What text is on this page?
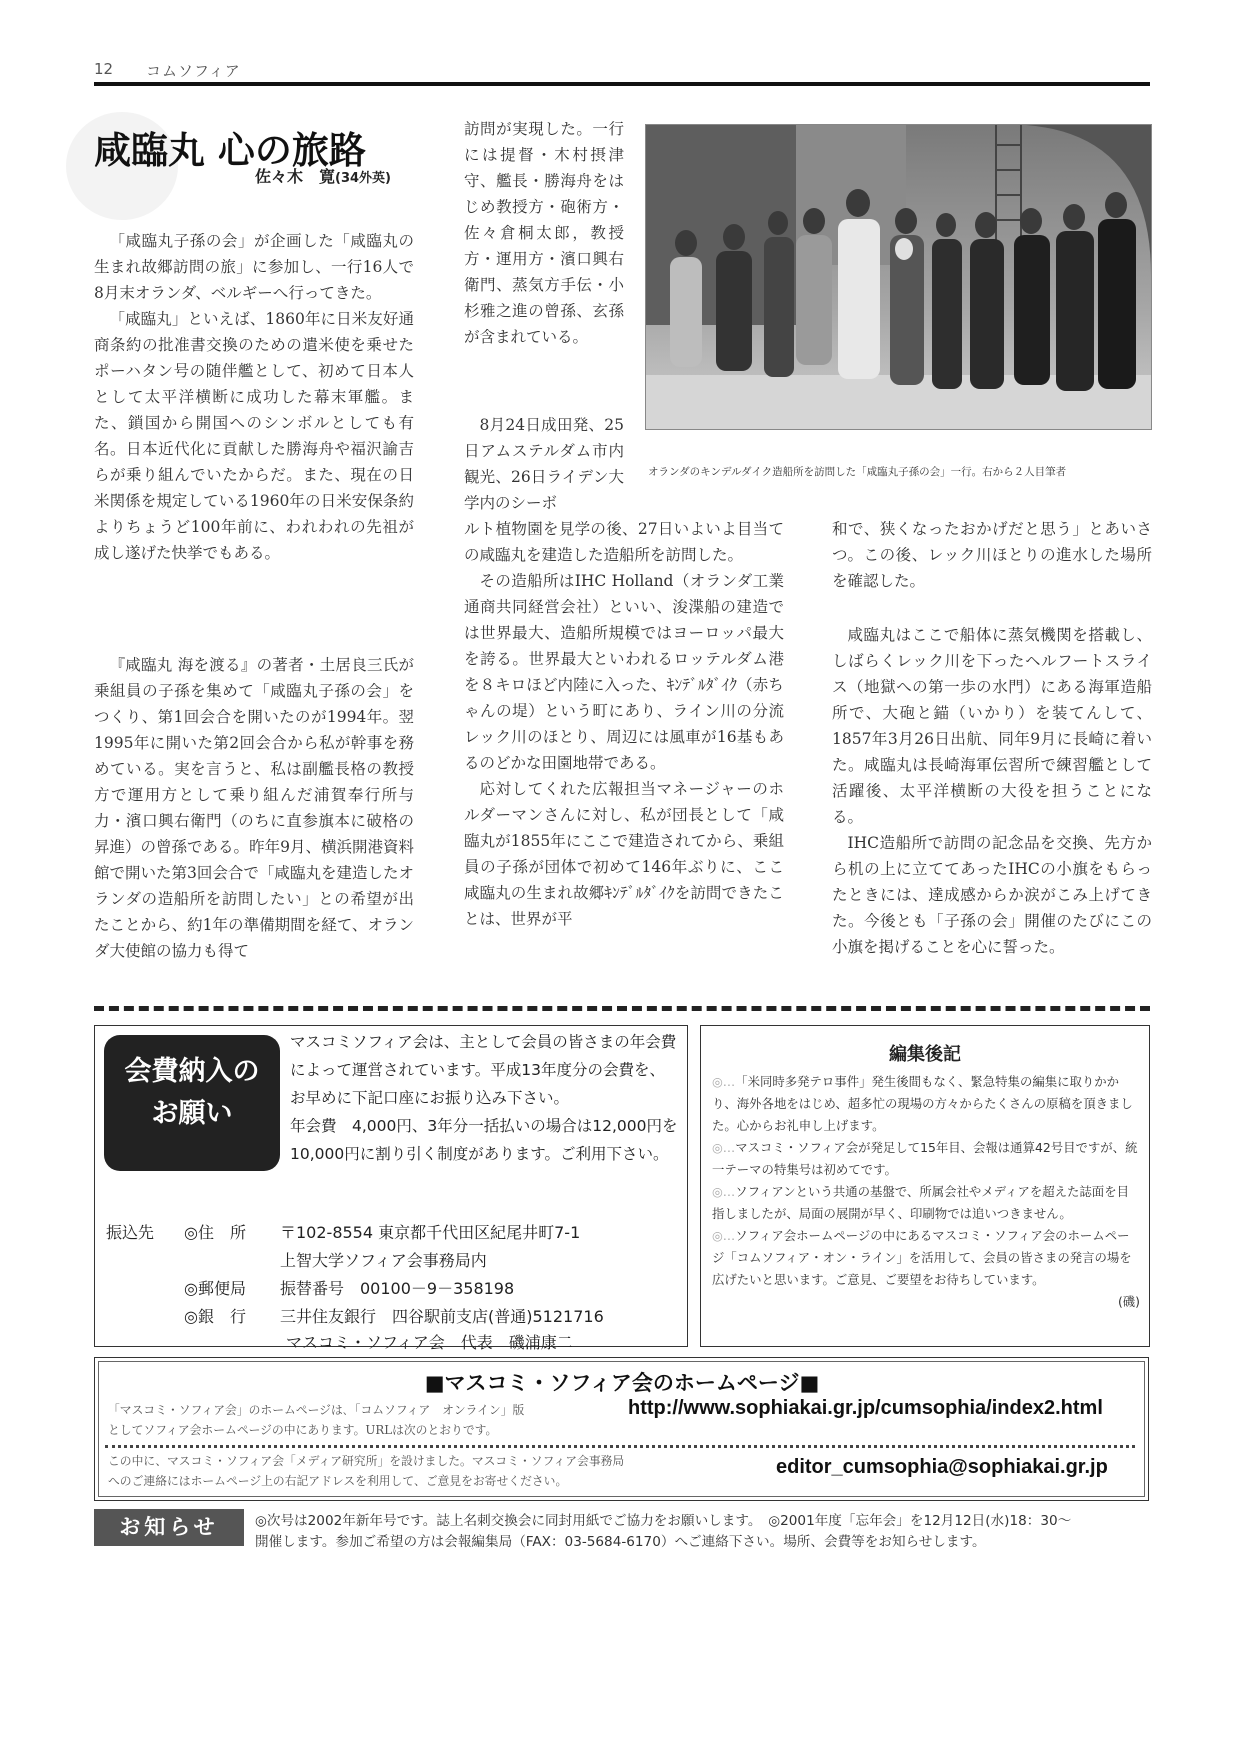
12 コムソフィア
咸臨丸 心の旅路
佐々木　寛(34外英)

「咸臨丸子孫の会」が企画した「咸臨丸の生まれ故郷訪問の旅」に参加し、一行16人で8月末オランダ、ベルギーへ行ってきた。

「咸臨丸」といえば、1860年に日米友好通商条約の批准書交換のための遣米使を乗せたポーハタン号の随伴艦として、初めて日本人として太平洋横断に成功した幕末軍艦。また、鎖国から開国へのシンボルとしても有名。日本近代化に貢献した勝海舟や福沢諭吉らが乗り組んでいたからだ。また、現在の日米関係を規定している1960年の日米安保条約よりちょうど100年前に、われわれの先祖が成し遂げた快挙でもある。

『咸臨丸 海を渡る』の著者・土居良三氏が乗組員の子孫を集めて「咸臨丸子孫の会」をつくり、第1回会合を開いたのが1994年。翌1995年に開いた第2回会合から私が幹事を務めている。実を言うと、私は副艦長格の教授方で運用方として乗り組んだ浦賀奉行所与力・濱口興右衛門（のちに直参旗本に破格の昇進）の曾孫である。昨年9月、横浜開港資料館で開いた第3回会合で「咸臨丸を建造したオランダの造船所を訪問したい」との希望が出たことから、約1年の準備期間を経て、オランダ大使館の協力も得て

訪問が実現した。一行には提督・木村摂津守、艦長・勝海舟をはじめ教授方・砲術方・佐々倉桐太郎，教授方・運用方・濱口興右衛門、蒸気方手伝・小杉雅之進の曾孫、玄孫が含まれている。

8月24日成田発、25日アムステルダム市内観光、26日ライデン大学内のシーボ

ルト植物園を見学の後、27日いよいよ目当ての咸臨丸を建造した造船所を訪問した。

その造船所はIHC Holland（オランダ工業通商共同経営会社）といい、浚渫船の建造では世界最大、造船所規模ではヨーロッパ最大を誇る。世界最大といわれるロッテルダム港を８キロほど内陸に入った、ｷﾝﾃﾞﾙﾀﾞｲｸ（赤ちゃんの堤）という町にあり、ライン川の分流レック川のほとり、周辺には風車が16基もあるのどかな田園地帯である。

応対してくれた広報担当マネージャーのホルダーマンさんに対し、私が団長として「咸臨丸が1855年にここで建造されてから、乗組員の子孫が団体で初めて146年ぶりに、ここ咸臨丸の生まれ故郷ｷﾝﾃﾞﾙﾀﾞｲｸを訪問できたことは、世界が平

和で、狭くなったおかげだと思う」とあいさつ。この後、レック川ほとりの進水した場所を確認した。

咸臨丸はここで船体に蒸気機関を搭載し、しばらくレック川を下ったヘルフートスライス（地獄への第一歩の水門）にある海軍造船所で、大砲と錨（いかり）を装てんして、1857年3月26日出航、同年9月に長崎に着いた。咸臨丸は長崎海軍伝習所で練習艦として活躍後、太平洋横断の大役を担うことになる。

IHC造船所で訪問の記念品を交換、先方から机の上に立ててあったIHCの小旗をもらったときには、達成感からか涙がこみ上げてきた。今後とも「子孫の会」開催のたびにこの小旗を掲げることを心に誓った。

オランダのキンデルダイク造船所を訪問した「咸臨丸子孫の会」一行。右から２人目筆者
会費納入の
お願い

マスコミソフィア会は、主として会員の皆さまの年会費によって運営されています。平成13年度分の会費を、お早めに下記口座にお振り込み下さい。

年会費　4,000円、3年分一括払いの場合は12,000円を10,000円に割り引く制度があります。ご利用下さい。

振込先 ◎住　所 〒102-8554 東京都千代田区紀尾井町7-1
上智大学ソフィア会事務局内
◎郵便局 振替番号　00100－9－358198
◎銀　行 三井住友銀行　四谷駅前支店(普通)5121716
マスコミ・ソフィア会　代表　磯浦康二
編集後記

◎…「米同時多発テロ事件」発生後間もなく、緊急特集の編集に取りかかり、海外各地をはじめ、超多忙の現場の方々からたくさんの原稿を頂きました。心からお礼申し上げます。

◎…マスコミ・ソフィア会が発足して15年目、会報は通算42号目ですが、統一テーマの特集号は初めてです。

◎…ソフィアンという共通の基盤で、所属会社やメディアを超えた誌面を目指しましたが、局面の展開が早く、印刷物では追いつきません。

◎…ソフィア会ホームページの中にあるマスコミ・ソフィア会のホームページ「コムソフィア・オン・ライン」を活用して、会員の皆さまの発言の場を広げたいと思います。ご意見、ご要望をお待ちしています。

(磯)

■マスコミ・ソフィア会のホームページ■
「マスコミ・ソフィア会」のホームページは､「コムソフィア　オンライン」版
としてソフィア会ホームページの中にあります。URLは次のとおりです。
http://www.sophiakai.gr.jp/cumsophia/index2.html
この中に、マスコミ・ソフィア会「メディア研究所」を設けました。マスコミ・ソフィア会事務局
へのご連絡にはホームページ上の右記アドレスを利用して、ご意見をお寄せください。
editor_cumsophia@sophiakai.gr.jp
お知らせ	◎次号は2002年新年号です。誌上名刺交換会に同封用紙でご協力をお願いします。　◎2001年度「忘年会」を12月12日(水)18：30～

開催します。参加ご希望の方は会報編集局（FAX：03-5684-6170）へご連絡下さい。場所、会費等をお知らせします。
